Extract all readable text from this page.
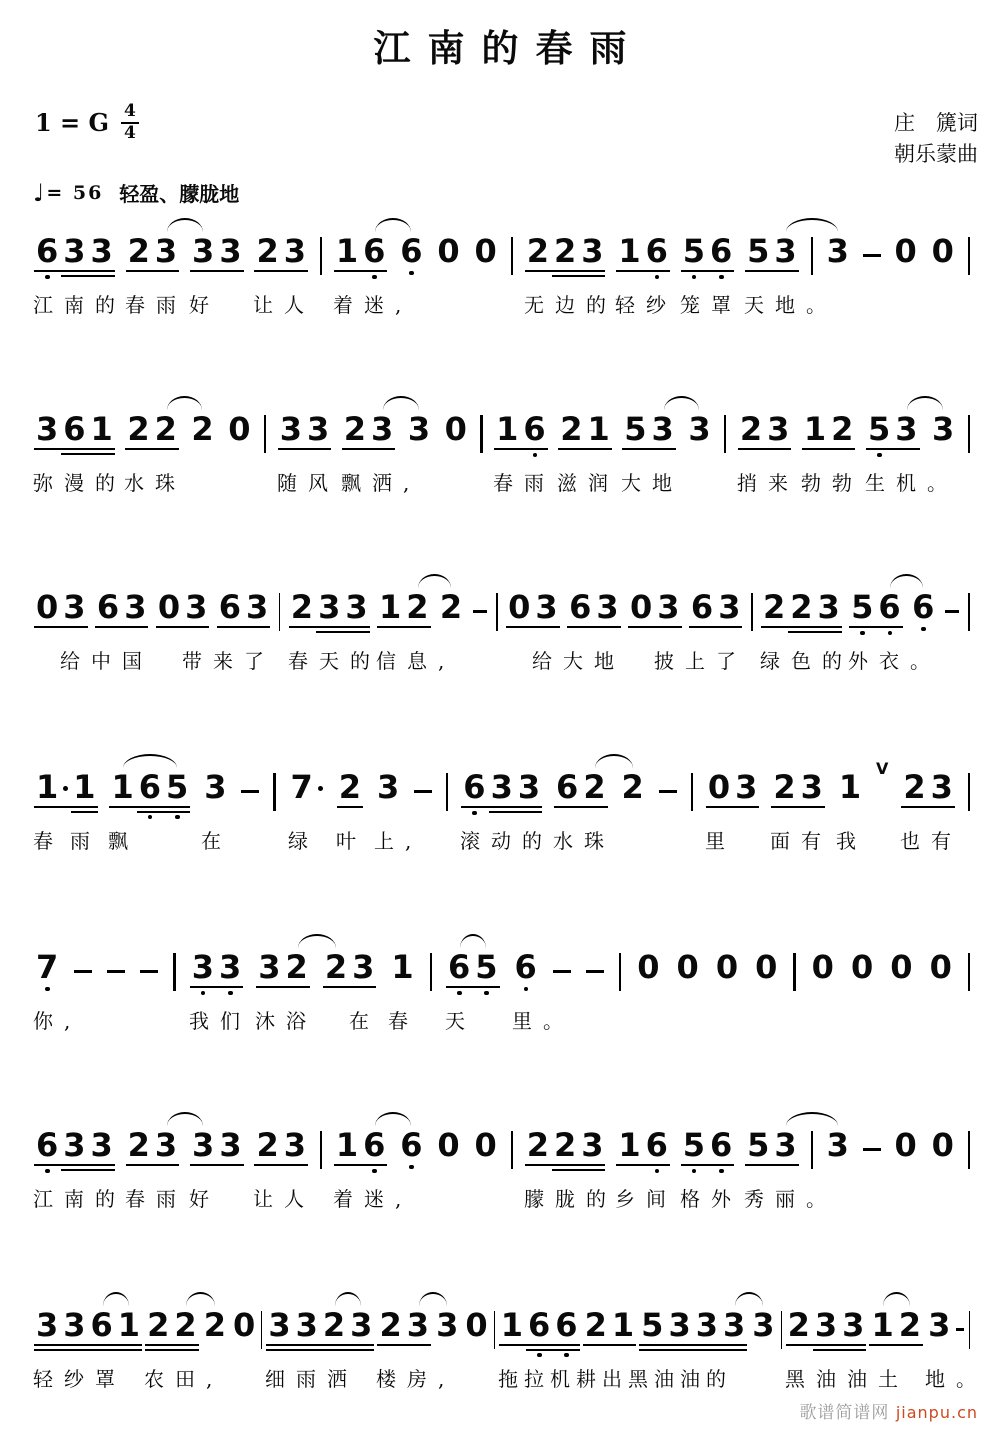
江南的春雨
1 = G $\frac{4}{4}$	庄　篪词
朝乐蒙曲
♩ = 56 轻盈、朦胧地
6 3 3 2 3 3 3 2 3 1 6 6 0 0 2 2 3 1 6 5 6 5 3 3 0 0
江南的 春雨 好 让人 着迷,	无边的
轻纱 笼罩 天地。
3 6 1 2 2 2 0 3 3 2 3 3 0 1 6 2 1 5 3 3 2 3 1 2 5 3 3
弥漫的
水珠	随风 飘洒,	春雨 滋润 大地	捎来 勃勃 生机。
0 3 6 3 0 3 6 3 2 3 3 1 2 2 0 3 6 3 0 3 6 3 2 2 3 5 6 6
给中国 带来了 春天的
信息,	给大地 披上了 绿色的
外衣。
1 1 1 6 5 3 7 2 3 6 3 3 6 2 2 0 3 2 3 1 V 2 3
春 雨 飘	在	绿 叶 上, 滚动的 水珠	里 面有 我 也有
7	3 3 3 2 2 3 1 6 5 6	0 0 0 0 0 0 0 0
你,	我们 沐浴 在 春 天 里。
6 3 3 2 3 3 3 2 3 1 6 6 0 0 2 2 3 1 6 5 6 5 3 3 0 0
江南的 春雨 好 让人 着迷,	朦胧的
乡间 格外 秀丽。
3 3 6 1 2 2 2 0 3 3 2 3 2 3 3 0 1 6 6 2 1 5 3 3 3 3 2 3 3 1 2 3
轻纱罩 农田, 细雨洒 楼房, 拖拉机耕出黑油油的	黑油油土 地。
歌谱简谱网 jianpu.cn
